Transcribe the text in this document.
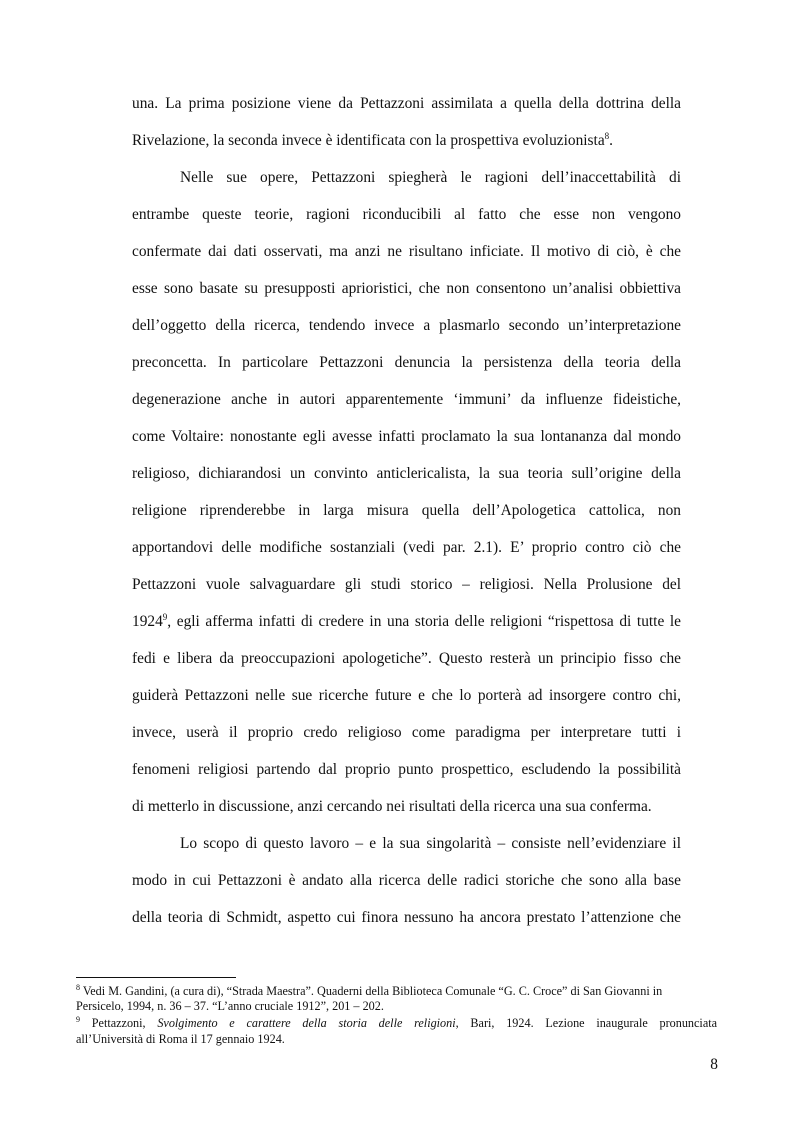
una. La prima posizione viene da Pettazzoni assimilata a quella della dottrina della
Rivelazione, la seconda invece è identificata con la prospettiva evoluzionista$^8$.
Nelle sue opere, Pettazzoni spiegherà le ragioni dell’inaccettabilità di
entrambe queste teorie, ragioni riconducibili al fatto che esse non vengono
confermate dai dati osservati, ma anzi ne risultano inficiate. Il motivo di ciò, è che
esse sono basate su presupposti aprioristici, che non consentono un’analisi obbiettiva
dell’oggetto della ricerca, tendendo invece a plasmarlo secondo un’interpretazione
preconcetta. In particolare Pettazzoni denuncia la persistenza della teoria della
degenerazione anche in autori apparentemente ‘immuni’ da influenze fideistiche,
come Voltaire: nonostante egli avesse infatti proclamato la sua lontananza dal mondo
religioso, dichiarandosi un convinto anticlericalista, la sua teoria sull’origine della
religione riprenderebbe in larga misura quella dell’Apologetica cattolica, non
apportandovi delle modifiche sostanziali (vedi par. 2.1). E’ proprio contro ciò che
Pettazzoni vuole salvaguardare gli studi storico – religiosi. Nella Prolusione del
1924$^9$, egli afferma infatti di credere in una storia delle religioni “rispettosa di tutte le
fedi e libera da preoccupazioni apologetiche”. Questo resterà un principio fisso che
guiderà Pettazzoni nelle sue ricerche future e che lo porterà ad insorgere contro chi,
invece, userà il proprio credo religioso come paradigma per interpretare tutti i
fenomeni religiosi partendo dal proprio punto prospettico, escludendo la possibilità
di metterlo in discussione, anzi cercando nei risultati della ricerca una sua conferma.
Lo scopo di questo lavoro – e la sua singolarità – consiste nell’evidenziare il
modo in cui Pettazzoni è andato alla ricerca delle radici storiche che sono alla base
della teoria di Schmidt, aspetto cui finora nessuno ha ancora prestato l’attenzione che
$^8$ Vedi M. Gandini, (a cura di), “Strada Maestra”. Quaderni della Biblioteca Comunale “G. C. Croce” di San Giovanni in
Persicelo, 1994, n. 36 – 37. “L’anno cruciale 1912”, 201 – 202.
$^9$ Pettazzoni, Svolgimento e carattere della storia delle religioni, Bari, 1924. Lezione inaugurale pronunciata
all’Università di Roma il 17 gennaio 1924.
8
